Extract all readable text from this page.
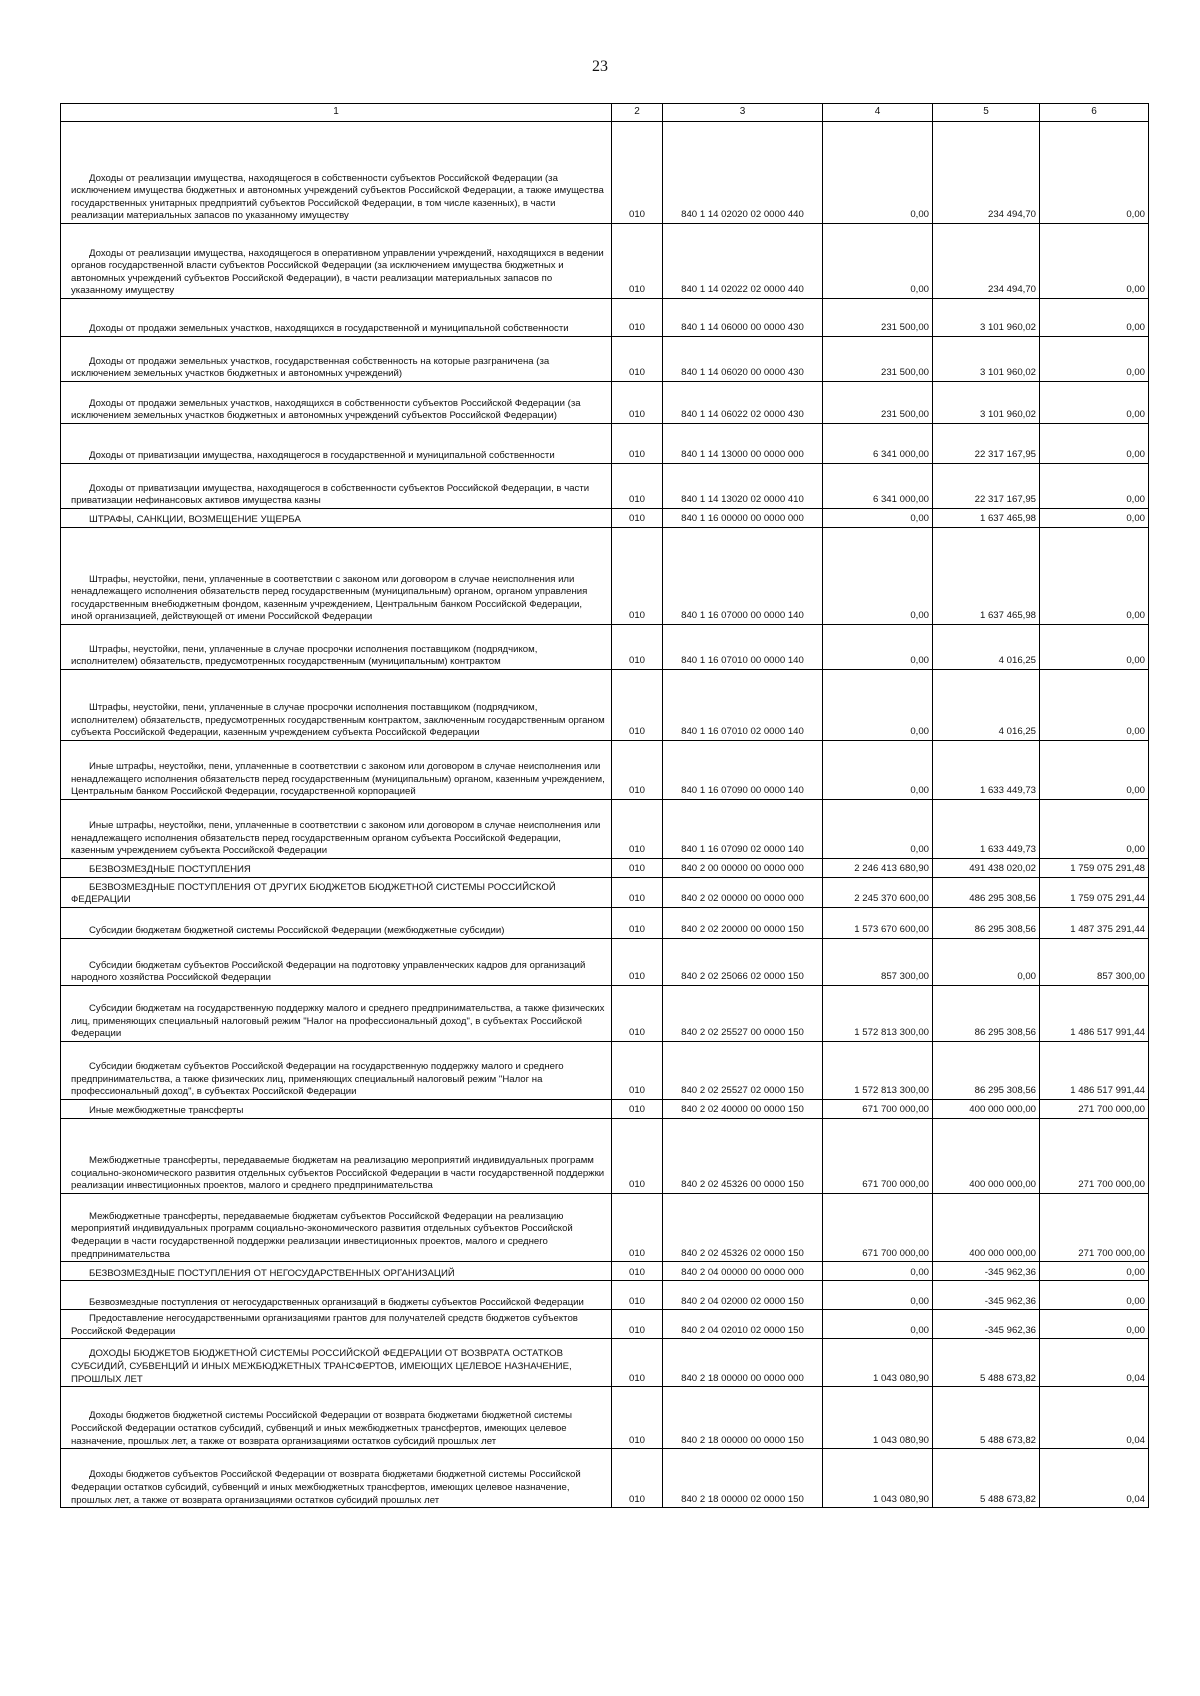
23
1	2	3	4	5	6

Доходы от реализации имущества, находящегося в собственности субъектов Российской Федерации (за исключением имущества бюджетных и автономных учреждений субъектов Российской Федерации, а также имущества государственных унитарных предприятий субъектов Российской Федерации, в том числе казенных), в части реализации материальных запасов по указанному имуществу	010	840 1 14 02020 02 0000 440	0,00	234 494,70	0,00

Доходы от реализации имущества, находящегося в оперативном управлении учреждений, находящихся в ведении органов государственной власти субъектов Российской Федерации (за исключением имущества бюджетных и автономных учреждений субъектов Российской Федерации), в части реализации материальных запасов по указанному имуществу	010	840 1 14 02022 02 0000 440	0,00	234 494,70	0,00

Доходы от продажи земельных участков, находящихся в государственной и муниципальной собственности	010	840 1 14 06000 00 0000 430	231 500,00	3 101 960,02	0,00

Доходы от продажи земельных участков, государственная собственность на которые разграничена (за исключением земельных участков бюджетных и автономных учреждений)	010	840 1 14 06020 00 0000 430	231 500,00	3 101 960,02	0,00

Доходы от продажи земельных участков, находящихся в собственности субъектов Российской Федерации (за исключением земельных участков бюджетных и автономных учреждений субъектов Российской Федерации)	010	840 1 14 06022 02 0000 430	231 500,00	3 101 960,02	0,00

Доходы от приватизации имущества, находящегося в государственной и муниципальной собственности	010	840 1 14 13000 00 0000 000	6 341 000,00	22 317 167,95	0,00

Доходы от приватизации имущества, находящегося в собственности субъектов Российской Федерации, в части приватизации нефинансовых активов имущества казны	010	840 1 14 13020 02 0000 410	6 341 000,00	22 317 167,95	0,00

ШТРАФЫ, САНКЦИИ, ВОЗМЕЩЕНИЕ УЩЕРБА	010	840 1 16 00000 00 0000 000	0,00	1 637 465,98	0,00

Штрафы, неустойки, пени, уплаченные в соответствии с законом или договором в случае неисполнения или ненадлежащего исполнения обязательств перед государственным (муниципальным) органом, органом управления государственным внебюджетным фондом, казенным учреждением, Центральным банком Российской Федерации, иной организацией, действующей от имени Российской Федерации	010	840 1 16 07000 00 0000 140	0,00	1 637 465,98	0,00

Штрафы, неустойки, пени, уплаченные в случае просрочки исполнения поставщиком (подрядчиком, исполнителем) обязательств, предусмотренных государственным (муниципальным) контрактом	010	840 1 16 07010 00 0000 140	0,00	4 016,25	0,00

Штрафы, неустойки, пени, уплаченные в случае просрочки исполнения поставщиком (подрядчиком, исполнителем) обязательств, предусмотренных государственным контрактом, заключенным государственным органом субъекта Российской Федерации, казенным учреждением субъекта Российской Федерации	010	840 1 16 07010 02 0000 140	0,00	4 016,25	0,00

Иные штрафы, неустойки, пени, уплаченные в соответствии с законом или договором в случае неисполнения или ненадлежащего исполнения обязательств перед государственным (муниципальным) органом, казенным учреждением, Центральным банком Российской Федерации, государственной корпорацией	010	840 1 16 07090 00 0000 140	0,00	1 633 449,73	0,00

Иные штрафы, неустойки, пени, уплаченные в соответствии с законом или договором в случае неисполнения или ненадлежащего исполнения обязательств перед государственным органом субъекта Российской Федерации, казенным учреждением субъекта Российской Федерации	010	840 1 16 07090 02 0000 140	0,00	1 633 449,73	0,00

БЕЗВОЗМЕЗДНЫЕ ПОСТУПЛЕНИЯ	010	840 2 00 00000 00 0000 000	2 246 413 680,90	491 438 020,02	1 759 075 291,48

БЕЗВОЗМЕЗДНЫЕ ПОСТУПЛЕНИЯ ОТ ДРУГИХ БЮДЖЕТОВ БЮДЖЕТНОЙ СИСТЕМЫ РОССИЙСКОЙ ФЕДЕРАЦИИ	010	840 2 02 00000 00 0000 000	2 245 370 600,00	486 295 308,56	1 759 075 291,44

Субсидии бюджетам бюджетной системы Российской Федерации (межбюджетные субсидии)	010	840 2 02 20000 00 0000 150	1 573 670 600,00	86 295 308,56	1 487 375 291,44

Субсидии бюджетам субъектов Российской Федерации на подготовку управленческих кадров для организаций народного хозяйства Российской Федерации	010	840 2 02 25066 02 0000 150	857 300,00	0,00	857 300,00

Субсидии бюджетам на государственную поддержку малого и среднего предпринимательства, а также физических лиц, применяющих специальный налоговый режим "Налог на профессиональный доход", в субъектах Российской Федерации	010	840 2 02 25527 00 0000 150	1 572 813 300,00	86 295 308,56	1 486 517 991,44

Субсидии бюджетам субъектов Российской Федерации на государственную поддержку малого и среднего предпринимательства, а также физических лиц, применяющих специальный налоговый режим "Налог на профессиональный доход", в субъектах Российской Федерации	010	840 2 02 25527 02 0000 150	1 572 813 300,00	86 295 308,56	1 486 517 991,44

Иные межбюджетные трансферты	010	840 2 02 40000 00 0000 150	671 700 000,00	400 000 000,00	271 700 000,00

Межбюджетные трансферты, передаваемые бюджетам на реализацию мероприятий индивидуальных программ социально-экономического развития отдельных субъектов Российской Федерации в части государственной поддержки реализации инвестиционных проектов, малого и среднего предпринимательства	010	840 2 02 45326 00 0000 150	671 700 000,00	400 000 000,00	271 700 000,00

Межбюджетные трансферты, передаваемые бюджетам субъектов Российской Федерации на реализацию мероприятий индивидуальных программ социально-экономического развития отдельных субъектов Российской Федерации в части государственной поддержки реализации инвестиционных проектов, малого и среднего предпринимательства	010	840 2 02 45326 02 0000 150	671 700 000,00	400 000 000,00	271 700 000,00

БЕЗВОЗМЕЗДНЫЕ ПОСТУПЛЕНИЯ ОТ НЕГОСУДАРСТВЕННЫХ ОРГАНИЗАЦИЙ	010	840 2 04 00000 00 0000 000	0,00	-345 962,36	0,00

Безвозмездные поступления от негосударственных организаций в бюджеты субъектов Российской Федерации	010	840 2 04 02000 02 0000 150	0,00	-345 962,36	0,00

Предоставление негосударственными организациями грантов для получателей средств бюджетов субъектов Российской Федерации	010	840 2 04 02010 02 0000 150	0,00	-345 962,36	0,00

ДОХОДЫ БЮДЖЕТОВ БЮДЖЕТНОЙ СИСТЕМЫ РОССИЙСКОЙ ФЕДЕРАЦИИ ОТ ВОЗВРАТА ОСТАТКОВ СУБСИДИЙ, СУБВЕНЦИЙ И ИНЫХ МЕЖБЮДЖЕТНЫХ ТРАНСФЕРТОВ, ИМЕЮЩИХ ЦЕЛЕВОЕ НАЗНАЧЕНИЕ, ПРОШЛЫХ ЛЕТ	010	840 2 18 00000 00 0000 000	1 043 080,90	5 488 673,82	0,04

Доходы бюджетов бюджетной системы Российской Федерации от возврата бюджетами бюджетной системы Российской Федерации остатков субсидий, субвенций и иных межбюджетных трансфертов, имеющих целевое назначение, прошлых лет, а также от возврата организациями остатков субсидий прошлых лет	010	840 2 18 00000 00 0000 150	1 043 080,90	5 488 673,82	0,04

Доходы бюджетов субъектов Российской Федерации от возврата бюджетами бюджетной системы Российской Федерации остатков субсидий, субвенций и иных межбюджетных трансфертов, имеющих целевое назначение, прошлых лет, а также от возврата организациями остатков субсидий прошлых лет	010	840 2 18 00000 02 0000 150	1 043 080,90	5 488 673,82	0,04
